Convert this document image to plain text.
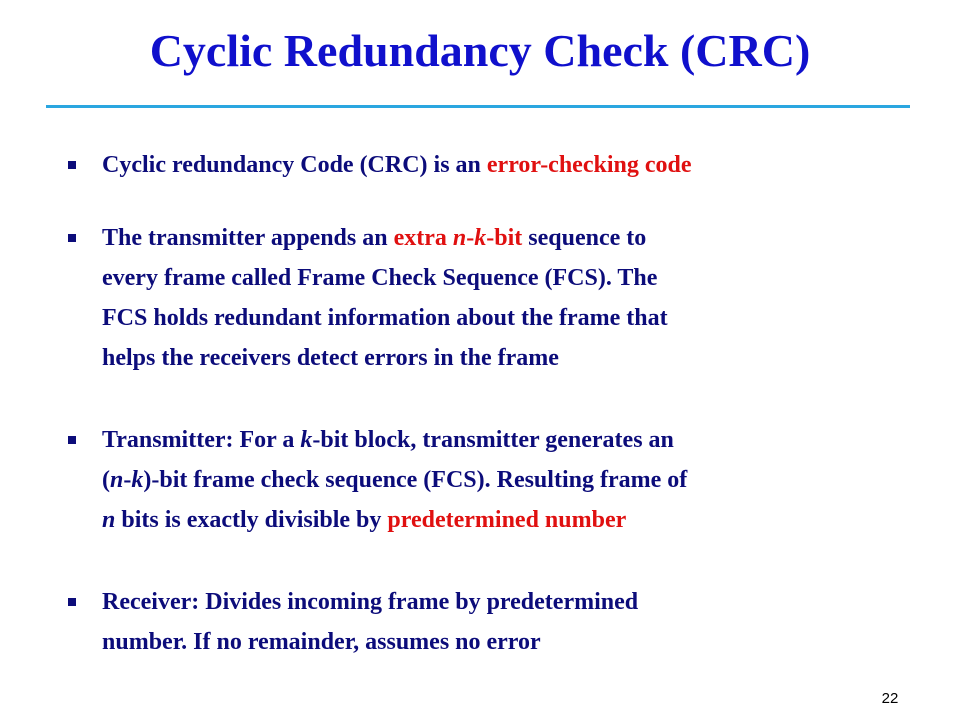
Cyclic Redundancy Check (CRC)

Cyclic redundancy Code (CRC) is an error-checking code

The transmitter appends an extra n-k-bit sequence to
every frame called Frame Check Sequence (FCS). The
FCS holds redundant information about the frame that
helps the receivers detect errors in the frame

Transmitter: For a k-bit block, transmitter generates an
(n-k)-bit frame check sequence (FCS). Resulting frame of
n bits is exactly divisible by predetermined number

Receiver: Divides incoming frame by predetermined
number. If no remainder, assumes no error

22
